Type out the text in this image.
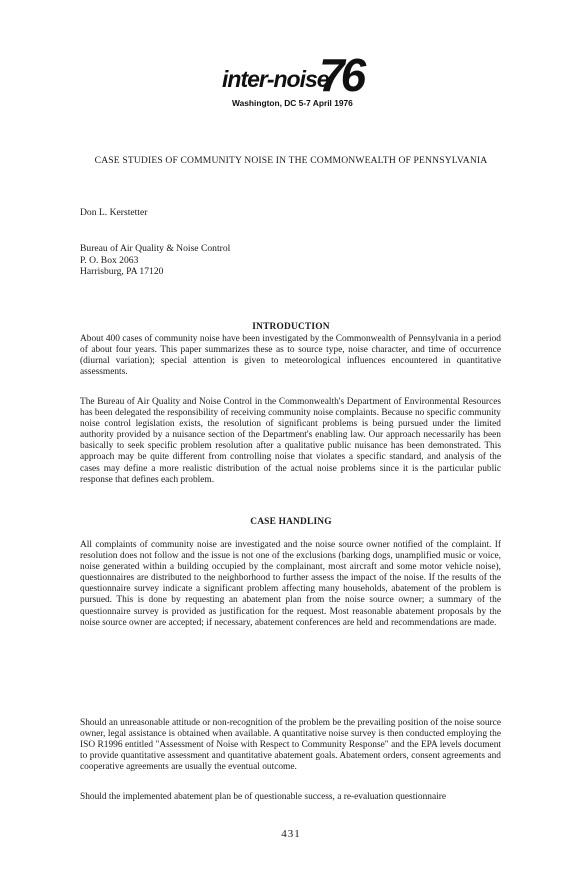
inter-noise
76
Washington, DC 5-7 April 1976
CASE STUDIES OF COMMUNITY NOISE IN THE COMMONWEALTH OF PENNSYLVANIA
Don L. Kerstetter
Bureau of Air Quality & Noise Control
P. O. Box 2063
Harrisburg, PA 17120
INTRODUCTION

About 400 cases of community noise have been investigated by the Commonwealth of Pennsylvania in a period of about four years. This paper summarizes these as to source type, noise character, and time of occurrence (diurnal variation); special attention is given to meteorological influences encountered in quantitative assessments.

The Bureau of Air Quality and Noise Control in the Commonwealth's Department of Environmental Resources has been delegated the responsibility of receiving community noise complaints. Because no specific community noise control legislation exists, the resolution of significant problems is being pursued under the limited authority provided by a nuisance section of the Department's enabling law. Our approach necessarily has been basically to seek specific problem resolution after a qualitative public nuisance has been demonstrated. This approach may be quite different from controlling noise that violates a specific standard, and analysis of the cases may define a more realistic distribution of the actual noise problems since it is the particular public response that defines each problem.

CASE HANDLING

All complaints of community noise are investigated and the noise source owner notified of the complaint. If resolution does not follow and the issue is not one of the exclusions (barking dogs, unamplified music or voice, noise generated within a building occupied by the complainant, most aircraft and some motor vehicle noise), questionnaires are distributed to the neighborhood to further assess the impact of the noise. If the results of the questionnaire survey indicate a significant problem affecting many households, abatement of the problem is pursued. This is done by requesting an abatement plan from the noise source owner; a summary of the questionnaire survey is provided as justification for the request. Most reasonable abatement proposals by the noise source owner are accepted; if necessary, abatement conferences are held and recommendations are made.

Should an unreasonable attitude or non-recognition of the problem be the prevailing position of the noise source owner, legal assistance is obtained when available. A quantitative noise survey is then conducted employing the ISO R1996 entitled "Assessment of Noise with Respect to Community Response" and the EPA levels document to provide quantitative assessment and quantitative abatement goals. Abatement orders, consent agreements and cooperative agreements are usually the eventual outcome.

Should the implemented abatement plan be of questionable success, a re-evaluation questionnaire

431
